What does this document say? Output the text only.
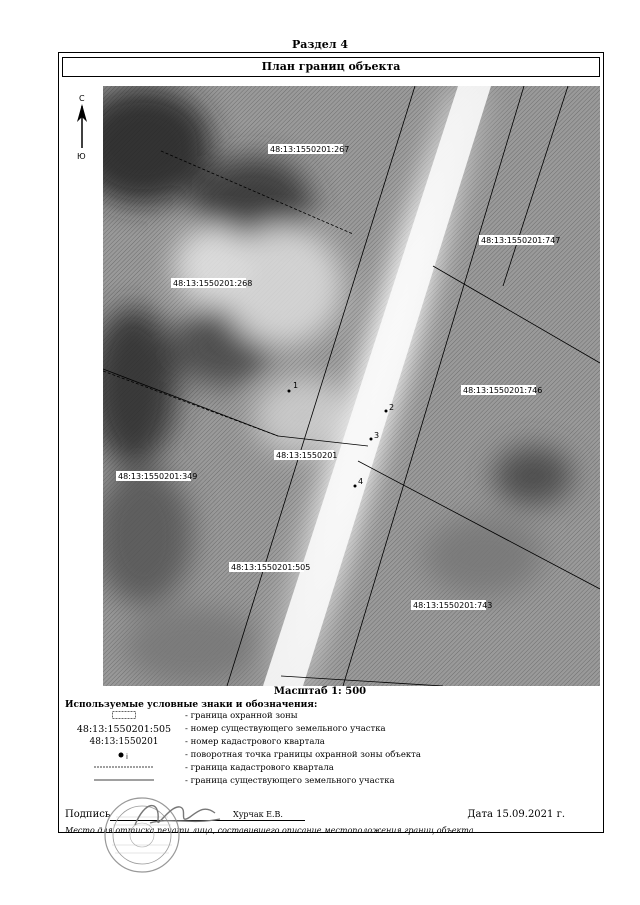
Раздел 4
План границ объекта
С
Ю
1
2
3
4
48:13:1550201:267
48:13:1550201:747
48:13:1550201:268
48:13:1550201:746
48:13:1550201
48:13:1550201:349
48:13:1550201:505
48:13:1550201:743
Масштаб 1: 500
Используемые условные знаки и обозначения:
- граница охранной зоны
48:13:1550201:505	- номер существующего земельного участка
48:13:1550201	- номер кадастрового квартала
i	- поворотная точка границы охранной зоны объекта
- граница кадастрового квартала
- граница существующего земельного участка
Подпись	Хурчак Е.В.	Дата 15.09.2021 г.
Место для оттиска печати лица, составившего описание местоположения границ объекта
